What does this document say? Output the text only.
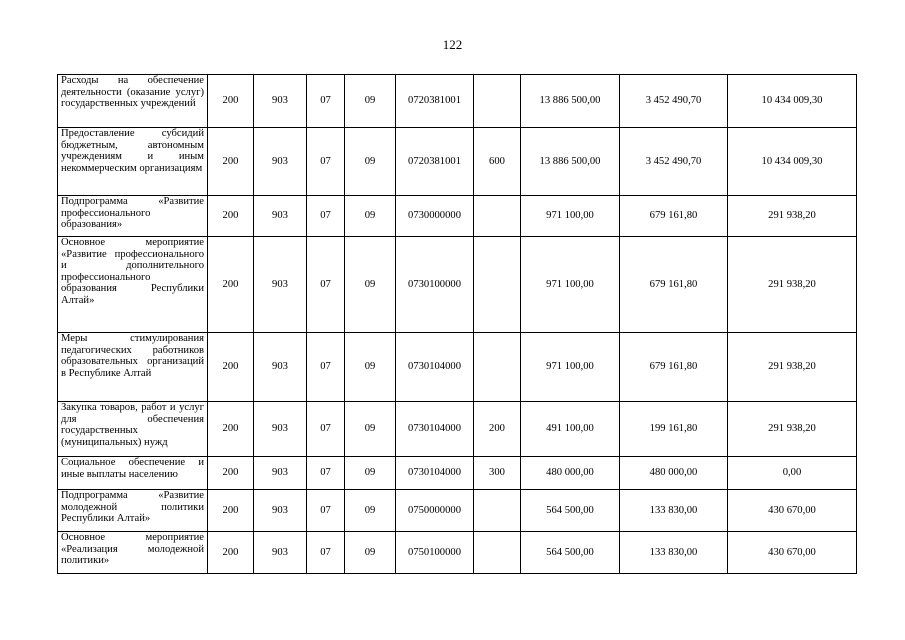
122
Расходы на обеспечение деятельности (оказание услуг) государственных учреждений	200	903	07	09	0720381001		13 886 500,00	3 452 490,70	10 434 009,30
Предоставление субсидий бюджетным, автономным учреждениям и иным некоммерческим организациям	200	903	07	09	0720381001	600	13 886 500,00	3 452 490,70	10 434 009,30
Подпрограмма «Развитие профессионального образования»	200	903	07	09	0730000000		971 100,00	679 161,80	291 938,20
Основное мероприятие «Развитие профессионального и дополнительного профессионального образования Республики Алтай»	200	903	07	09	0730100000		971 100,00	679 161,80	291 938,20
Меры стимулирования педагогических работников образовательных организаций в Республике Алтай	200	903	07	09	0730104000		971 100,00	679 161,80	291 938,20
Закупка товаров, работ и услуг для обеспечения государственных (муниципальных) нужд	200	903	07	09	0730104000	200	491 100,00	199 161,80	291 938,20
Социальное обеспечение и иные выплаты населению	200	903	07	09	0730104000	300	480 000,00	480 000,00	0,00
Подпрограмма «Развитие молодежной политики Республики Алтай»	200	903	07	09	0750000000		564 500,00	133 830,00	430 670,00
Основное мероприятие «Реализация молодежной политики»	200	903	07	09	0750100000		564 500,00	133 830,00	430 670,00
